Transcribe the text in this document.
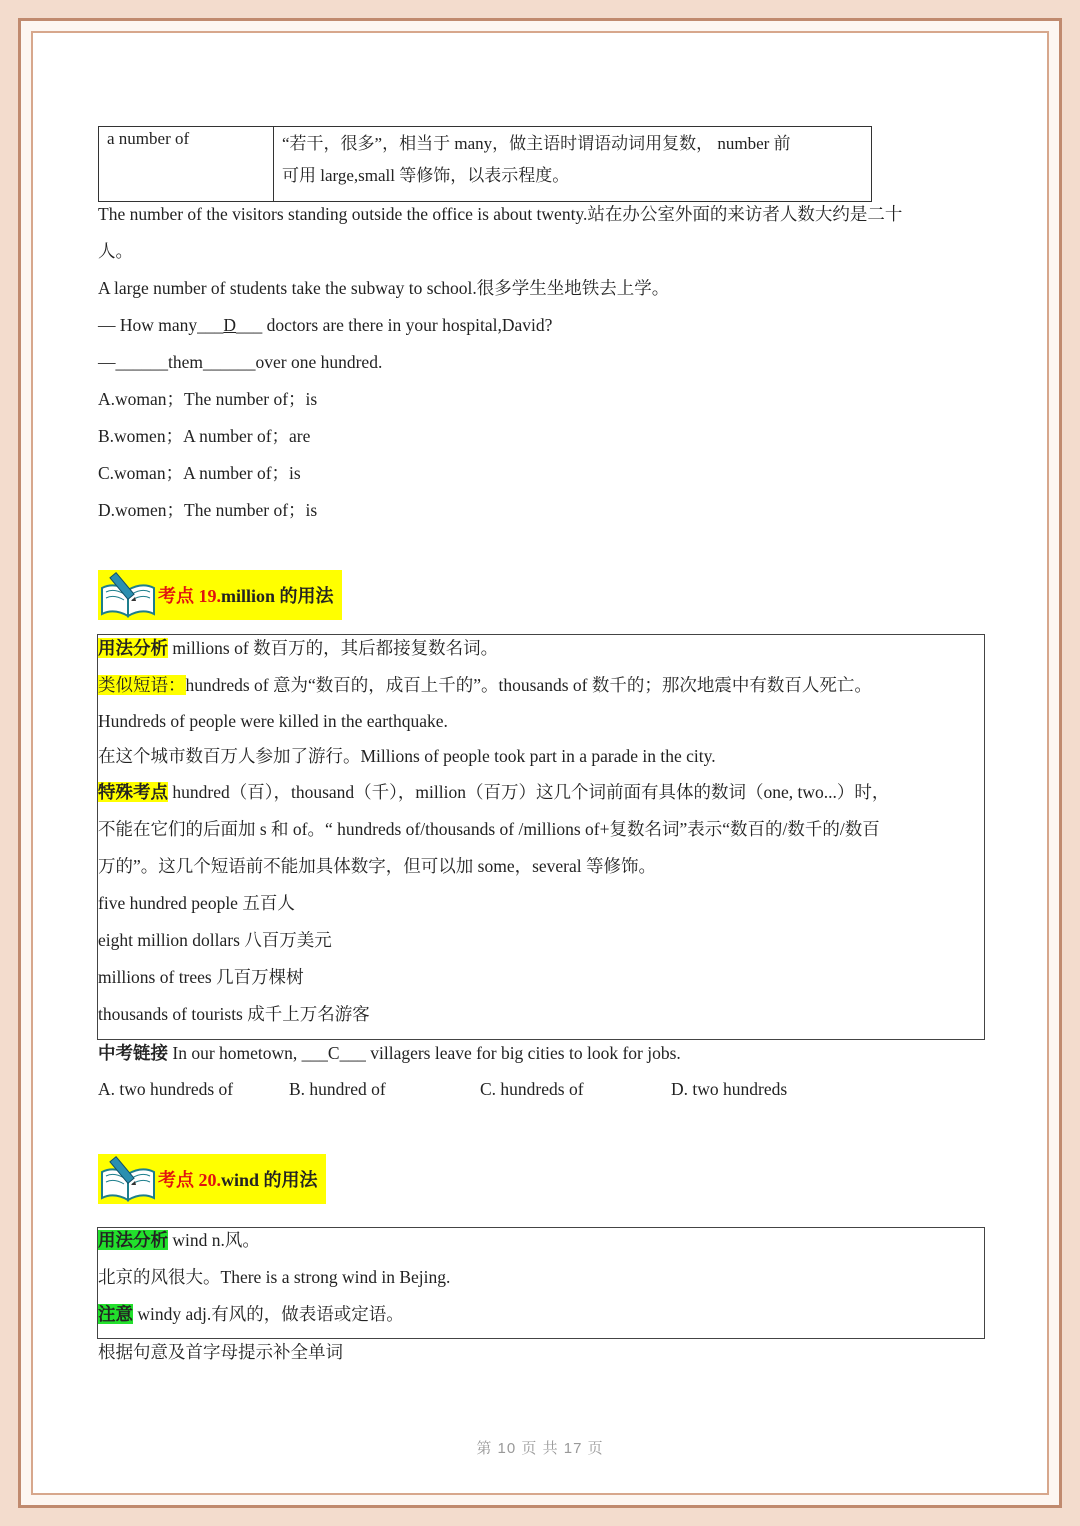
a number of	“若干，很多”，相当于 many，做主语时谓语动词用复数， number 前
可用 large,small 等修饰，以表示程度。
The number of the visitors standing outside the office is about twenty.站在办公室外面的来访者人数大约是二十
人。
A large number of students take the subway to school.很多学生坐地铁去上学。
— How many___D___ doctors are there in your hospital,David?
—______them______over one hundred.
A.woman；The number of；is
B.women；A number of；are
C.woman；A number of；is
D.women；The number of；is
考点 19.million 的用法
用法分析 millions of 数百万的，其后都接复数名词。
类似短语：hundreds of 意为“数百的，成百上千的”。thousands of 数千的；那次地震中有数百人死亡。
Hundreds of people were killed in the earthquake.
在这个城市数百万人参加了游行。Millions of people took part in a parade in the city.
特殊考点 hundred（百），thousand（千），million（百万）这几个词前面有具体的数词（one, two...）时，
不能在它们的后面加 s 和 of。“ hundreds of/thousands of /millions of+复数名词”表示“数百的/数千的/数百
万的”。这几个短语前不能加具体数字，但可以加 some，several 等修饰。
five hundred people 五百人
eight million dollars 八百万美元
millions of trees 几百万棵树
thousands of tourists 成千上万名游客
中考链接 In our hometown, ___C___ villagers leave for big cities to look for jobs.
A. two hundreds of	B. hundred of	C. hundreds of	D. two hundreds
考点 20.wind 的用法
用法分析 wind n.风。
北京的风很大。There is a strong wind in Bejing.
注意 windy adj.有风的，做表语或定语。
根据句意及首字母提示补全单词
第 10 页 共 17 页
